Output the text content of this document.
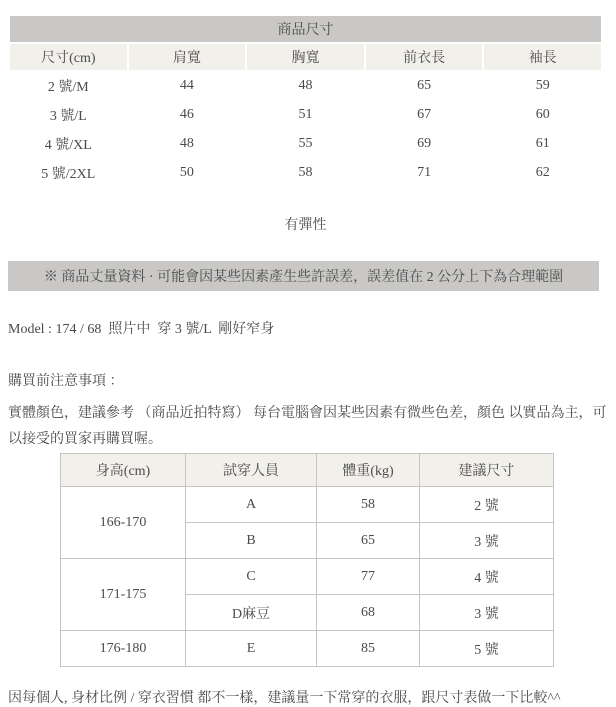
商品尺寸				
尺寸(cm)	肩寬	胸寬	前衣長	袖長
2 號/M	44	48	65	59
3 號/L	46	51	67	60
4 號/XL	48	55	69	61
5 號/2XL	50	58	71	62
有彈性
※ 商品丈量資料 · 可能會因某些因素產生些許誤差，誤差值在 2 公分上下為合理範圍
Model : 174 / 68  照片中  穿 3 號/L  剛好窄身
購買前注意事項 ：
實體顏色，建議參考 （商品近拍特寫） 每台電腦會因某些因素有微些色差，顏色 以實品為主，可以接受的買家再購買喔。
身高(cm)	試穿人員	體重(kg)	建議尺寸
166-170	A	58	2 號
	B	65	3 號
171-175	C	77	4 號
	D麻豆	68	3 號
176-180	E	85	5 號
因每個人, 身材比例 / 穿衣習慣 都不一樣，建議量一下常穿的衣服，跟尺寸表做一下比較^^
